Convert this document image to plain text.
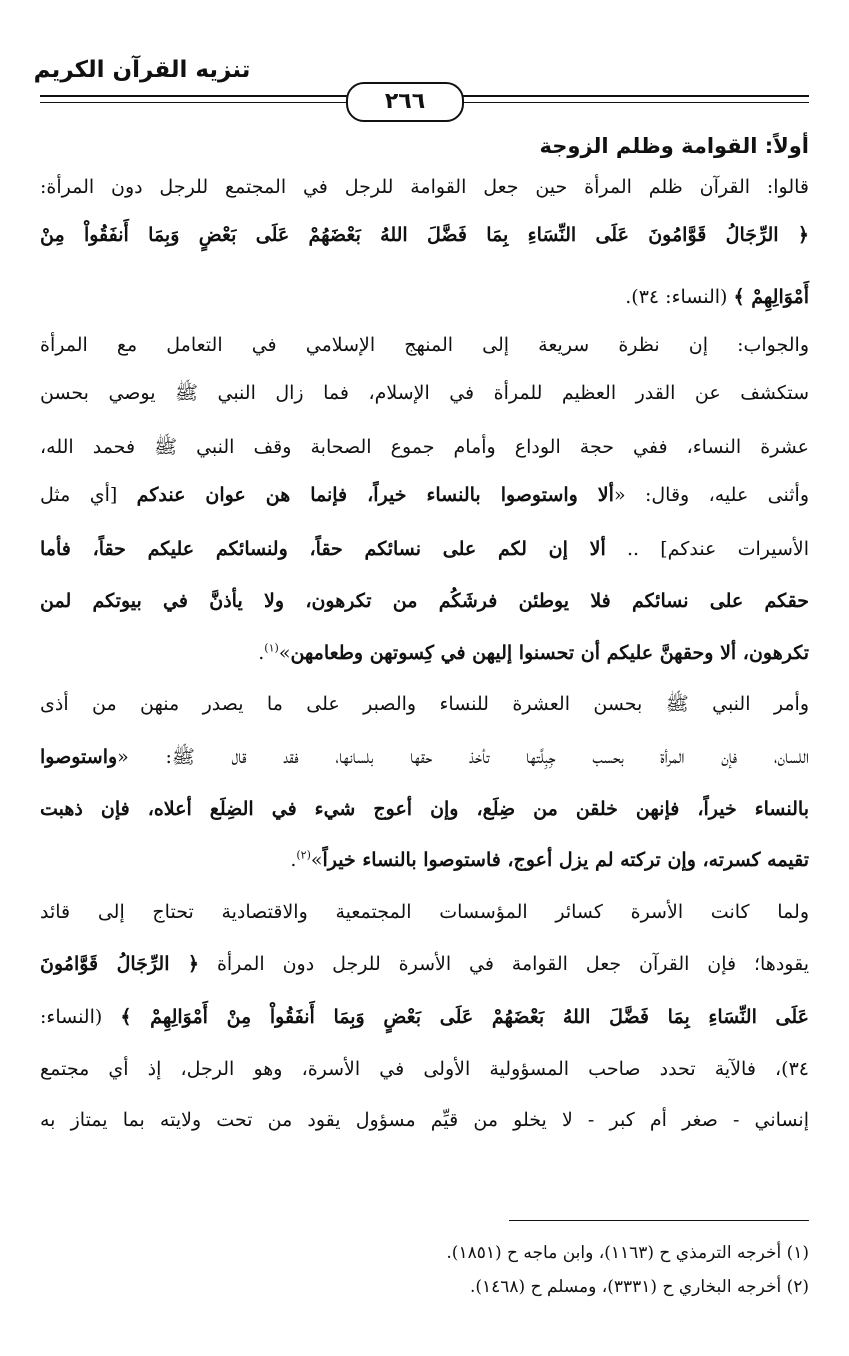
تنزيه القرآن الكريم
٢٦٦
أولاً: القوامة وظلم الزوجة
قالوا: القرآن ظلم المرأة حين جعل القوامة للرجل في المجتمع للرجل دون المرأة:
﴿ الرِّجَالُ قَوَّامُونَ عَلَى النِّسَاءِ بِمَا فَضَّلَ اللهُ بَعْضَهُمْ عَلَى بَعْضٍ وَبِمَا أَنفَقُواْ مِنْ
أَمْوَالِهِمْ ﴾ (النساء: ٣٤).
والجواب: إن نظرة سريعة إلى المنهج الإسلامي في التعامل مع المرأة
ستكشف عن القدر العظيم للمرأة في الإسلام، فما زال النبي ﷺ يوصي بحسن
عشرة النساء، ففي حجة الوداع وأمام جموع الصحابة وقف النبي ﷺ فحمد الله،
وأثنى عليه، وقال: «ألا واستوصوا بالنساء خيراً، فإنما هن عوان عندكم [أي مثل
الأسيرات عندكم] .. ألا إن لكم على نسائكم حقاً، ولنسائكم عليكم حقاً، فأما
حقكم على نسائكم فلا يوطئن فرشَكُم من تكرهون، ولا يأذنَّ في بيوتكم لمن
تكرهون، ألا وحقهنَّ عليكم أن تحسنوا إليهن في كِسوتهن وطعامهن»$^{(١)}$.
وأمر النبي ﷺ بحسن العشرة للنساء والصبر على ما يصدر منهن من أذى
اللسان، فإن المرأة بحسب جِبِلَّتها تأخذ حقها بلسانها، فقد قال ﷺ: «واستوصوا
بالنساء خيراً، فإنهن خلقن من ضِلَع، وإن أعوج شيء في الضِلَع أعلاه، فإن ذهبت
تقيمه كسرته، وإن تركته لم يزل أعوج، فاستوصوا بالنساء خيراً»$^{(٢)}$.
ولما كانت الأسرة كسائر المؤسسات المجتمعية والاقتصادية تحتاج إلى قائد
يقودها؛ فإن القرآن جعل القوامة في الأسرة للرجل دون المرأة ﴿ الرِّجَالُ قَوَّامُونَ
عَلَى النِّسَاءِ بِمَا فَضَّلَ اللهُ بَعْضَهُمْ عَلَى بَعْضٍ وَبِمَا أَنفَقُواْ مِنْ أَمْوَالِهِمْ ﴾ (النساء:
٣٤)، فالآية تحدد صاحب المسؤولية الأولى في الأسرة، وهو الرجل، إذ أي مجتمع
إنساني - صغر أم كبر - لا يخلو من قيِّم مسؤول يقود من تحت ولايته بما يمتاز به
(١) أخرجه الترمذي ح (١١٦٣)، وابن ماجه ح (١٨٥١).
(٢) أخرجه البخاري ح (٣٣٣١)، ومسلم ح (١٤٦٨).
